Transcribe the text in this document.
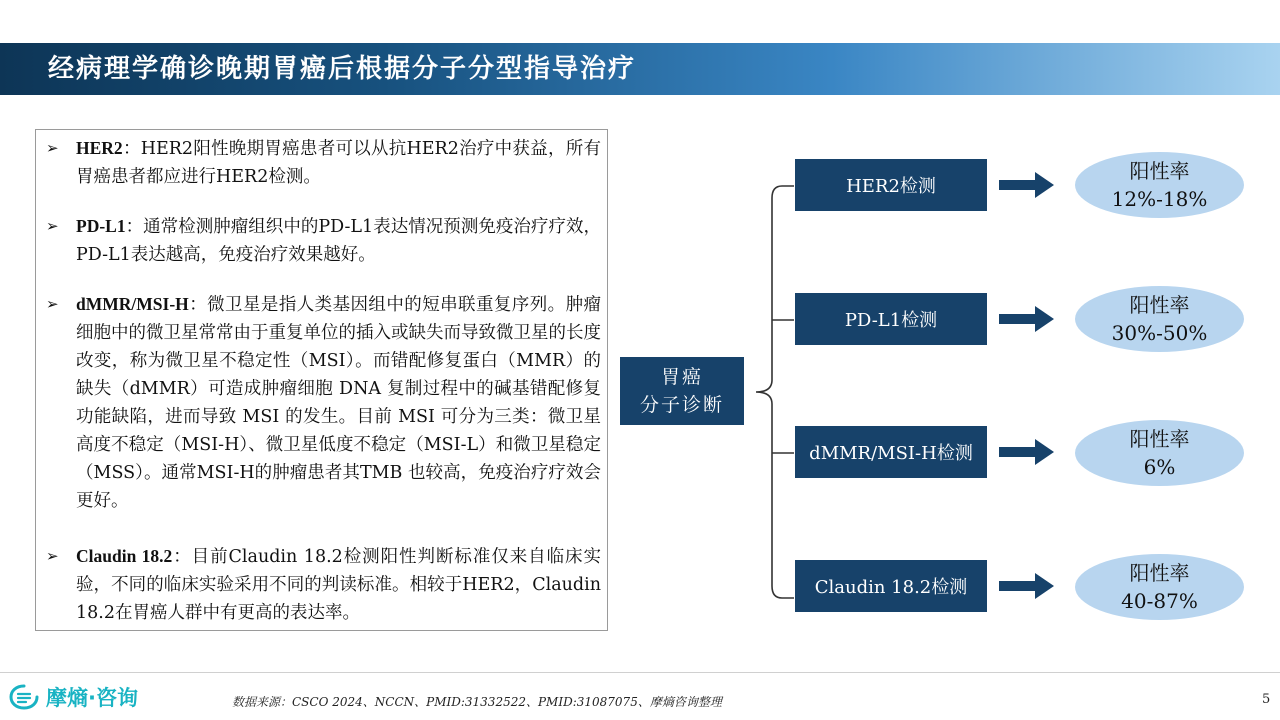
经病理学确诊晚期胃癌后根据分子分型指导治疗
➢ HER2：HER2阳性晚期胃癌患者可以从抗HER2治疗中获益，所有胃癌患者都应进行HER2检测。
➢ PD-L1：通常检测肿瘤组织中的PD-L1表达情况预测免疫治疗疗效，PD-L1表达越高，免疫治疗效果越好。
➢ dMMR/MSI-H：微卫星是指人类基因组中的短串联重复序列。肿瘤细胞中的微卫星常常由于重复单位的插入或缺失而导致微卫星的长度改变，称为微卫星不稳定性（MSI）。而错配修复蛋白（MMR）的缺失（dMMR）可造成肿瘤细胞 DNA 复制过程中的碱基错配修复功能缺陷，进而导致 MSI 的发生。目前 MSI 可分为三类：微卫星高度不稳定（MSI-H）、微卫星低度不稳定（MSI-L）和微卫星稳定（MSS）。通常MSI-H的肿瘤患者其TMB 也较高，免疫治疗疗效会更好。
➢ Claudin 18.2：目前Claudin 18.2检测阳性判断标准仅来自临床实验，不同的临床实验采用不同的判读标准。相较于HER2，Claudin 18.2在胃癌人群中有更高的表达率。
胃癌
分子诊断
HER2检测
PD-L1检测
dMMR/MSI-H检测
Claudin 18.2检测
阳性率
12%-18%
阳性率
30%-50%
阳性率
6%
阳性率
40-87%
摩熵·咨询	数据来源：CSCO 2024、NCCN、PMID:31332522、PMID:31087075、摩熵咨询整理	5
